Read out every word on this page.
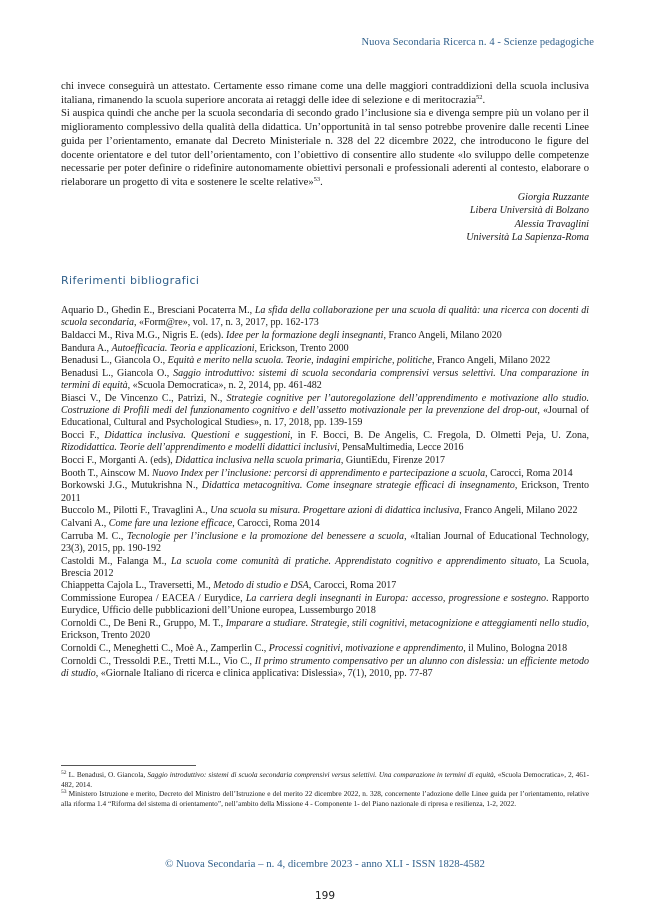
Nuova Secondaria Ricerca n. 4 - Scienze pedagogiche

chi invece conseguirà un attestato. Certamente esso rimane come una delle maggiori contraddizioni della scuola inclusiva italiana, rimanendo la scuola superiore ancorata ai retaggi delle idee di selezione e di meritocrazia$^{52}$.

Si auspica quindi che anche per la scuola secondaria di secondo grado l’inclusione sia e divenga sempre più un volano per il miglioramento complessivo della qualità della didattica. Un’opportunità in tal senso potrebbe provenire dalle recenti Linee guida per l’orientamento, emanate dal Decreto Ministeriale n. 328 del 22 dicembre 2022, che introducono le figure del docente orientatore e del tutor dell’orientamento, con l’obiettivo di consentire allo studente «lo sviluppo delle competenze necessarie per poter definire o ridefinire autonomamente obiettivi personali e professionali aderenti al contesto, elaborare o rielaborare un progetto di vita e sostenere le scelte relative»$^{53}$.

Giorgia Ruzzante
Libera Università di Bolzano
Alessia Travaglini
Università La Sapienza-Roma
Riferimenti bibliografici

Aquario D., Ghedin E., Bresciani Pocaterra M., La sfida della collaborazione per una scuola di qualità: una ricerca con docenti di scuola secondaria, «Form@re», vol. 17, n. 3, 2017, pp. 162-173

Baldacci M., Riva M.G., Nigris E. (eds). Idee per la formazione degli insegnanti, Franco Angeli, Milano 2020

Bandura A., Autoefficacia. Teoria e applicazioni, Erickson, Trento 2000

Benadusi L., Giancola O., Equità e merito nella scuola. Teorie, indagini empiriche, politiche, Franco Angeli, Milano 2022

Benadusi L., Giancola O., Saggio introduttivo: sistemi di scuola secondaria comprensivi versus selettivi. Una comparazione in termini di equità, «Scuola Democratica», n. 2, 2014, pp. 461-482

Biasci V., De Vincenzo C., Patrizi, N., Strategie cognitive per l’autoregolazione dell’apprendimento e motivazione allo studio. Costruzione di Profili medi del funzionamento cognitivo e dell’assetto motivazionale per la prevenzione del drop-out, «Journal of Educational, Cultural and Psychological Studies», n. 17, 2018, pp. 139-159

Bocci F., Didattica inclusiva. Questioni e suggestioni, in F. Bocci, B. De Angelis, C. Fregola, D. Olmetti Peja, U. Zona, Rizodidattica. Teorie dell’apprendimento e modelli didattici inclusivi, PensaMultimedia, Lecce 2016

Bocci F., Morganti A. (eds), Didattica inclusiva nella scuola primaria, GiuntiEdu, Firenze 2017

Booth T., Ainscow M. Nuovo Index per l’inclusione: percorsi di apprendimento e partecipazione a scuola, Carocci, Roma 2014

Borkowski J.G., Mutukrishna N., Didattica metacognitiva. Come insegnare strategie efficaci di insegnamento, Erickson, Trento 2011

Buccolo M., Pilotti F., Travaglini A., Una scuola su misura. Progettare azioni di didattica inclusiva, Franco Angeli, Milano 2022

Calvani A., Come fare una lezione efficace, Carocci, Roma 2014

Carruba M. C., Tecnologie per l’inclusione e la promozione del benessere a scuola, «Italian Journal of Educational Technology, 23(3), 2015, pp. 190-192

Castoldi M., Falanga M., La scuola come comunità di pratiche. Apprendistato cognitivo e apprendimento situato, La Scuola, Brescia 2012

Chiappetta Cajola L., Traversetti, M., Metodo di studio e DSA, Carocci, Roma 2017

Commissione Europea / EACEA / Eurydice, La carriera degli insegnanti in Europa: accesso, progressione e sostegno. Rapporto Eurydice, Ufficio delle pubblicazioni dell’Unione europea, Lussemburgo 2018

Cornoldi C., De Beni R., Gruppo, M. T., Imparare a studiare. Strategie, stili cognitivi, metacognizione e atteggiamenti nello studio, Erickson, Trento 2020

Cornoldi C., Meneghetti C., Moè A., Zamperlin C., Processi cognitivi, motivazione e apprendimento, il Mulino, Bologna 2018

Cornoldi C., Tressoldi P.E., Tretti M.L., Vio C., Il primo strumento compensativo per un alunno con dislessia: un efficiente metodo di studio, «Giornale Italiano di ricerca e clinica applicativa: Dislessia», 7(1), 2010, pp. 77-87

$^{52}$ L. Benadusi, O. Giancola, Saggio introduttivo: sistemi di scuola secondaria comprensivi versus selettivi. Una comparazione in termini di equità, «Scuola Democratica», 2, 461-482, 2014.

$^{53}$ Ministero Istruzione e merito, Decreto del Ministro dell’Istruzione e del merito 22 dicembre 2022, n. 328, concernente l’adozione delle Linee guida per l’orientamento, relative alla riforma 1.4 “Riforma del sistema di orientamento”, nell’ambito della Missione 4 - Componente 1- del Piano nazionale di ripresa e resilienza, 1-2, 2022.

© Nuova Secondaria – n. 4, dicembre 2023 - anno XLI - ISSN 1828-4582
199
